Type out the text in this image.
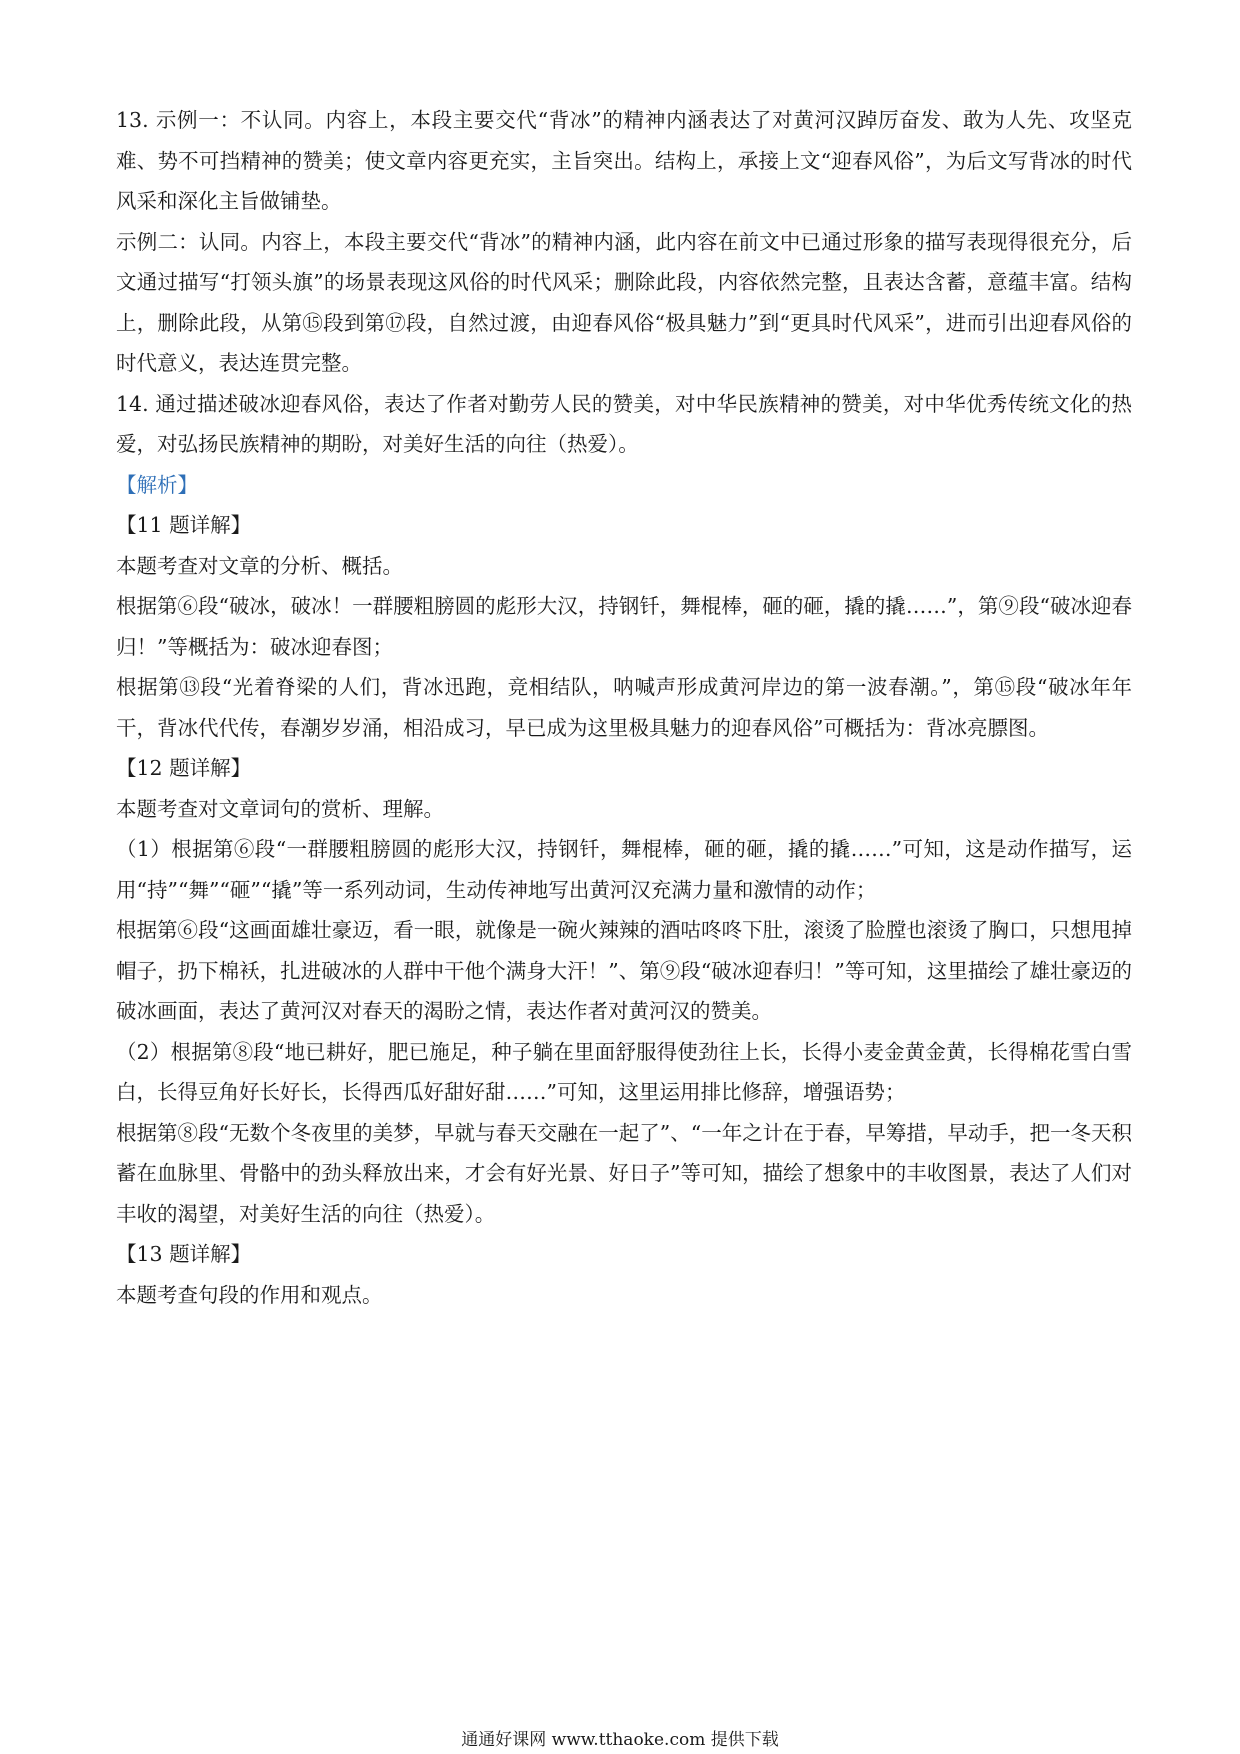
13. 示例一：不认同。内容上，本段主要交代“背冰”的精神内涵表达了对黄河汉踔厉奋发、敢为人先、攻坚克难、势不可挡精神的赞美；使文章内容更充实，主旨突出。结构上，承接上文“迎春风俗”，为后文写背冰的时代风采和深化主旨做铺垫。

示例二：认同。内容上，本段主要交代“背冰”的精神内涵，此内容在前文中已通过形象的描写表现得很充分，后文通过描写“打领头旗”的场景表现这风俗的时代风采；删除此段，内容依然完整，且表达含蓄，意蕴丰富。结构上，删除此段，从第⑮段到第⑰段，自然过渡，由迎春风俗“极具魅力”到“更具时代风采”，进而引出迎春风俗的时代意义，表达连贯完整。

14. 通过描述破冰迎春风俗，表达了作者对勤劳人民的赞美，对中华民族精神的赞美，对中华优秀传统文化的热爱，对弘扬民族精神的期盼，对美好生活的向往（热爱）。

【解析】

【11 题详解】

本题考查对文章的分析、概括。

根据第⑥段“破冰，破冰！一群腰粗膀圆的彪形大汉，持钢钎，舞棍棒，砸的砸，撬的撬……”，第⑨段“破冰迎春归！”等概括为：破冰迎春图；

根据第⑬段“光着脊梁的人们，背冰迅跑，竞相结队，呐喊声形成黄河岸边的第一波春潮。”，第⑮段“破冰年年干，背冰代代传，春潮岁岁涌，相沿成习，早已成为这里极具魅力的迎春风俗”可概括为：背冰亮膘图。

【12 题详解】

本题考查对文章词句的赏析、理解。

（1）根据第⑥段“一群腰粗膀圆的彪形大汉，持钢钎，舞棍棒，砸的砸，撬的撬……”可知，这是动作描写，运用“持”“舞”“砸”“撬”等一系列动词，生动传神地写出黄河汉充满力量和激情的动作；

根据第⑥段“这画面雄壮豪迈，看一眼，就像是一碗火辣辣的酒咕咚咚下肚，滚烫了脸膛也滚烫了胸口，只想甩掉帽子，扔下棉袄，扎进破冰的人群中干他个满身大汗！”、第⑨段“破冰迎春归！”等可知，这里描绘了雄壮豪迈的破冰画面，表达了黄河汉对春天的渴盼之情，表达作者对黄河汉的赞美。

（2）根据第⑧段“地已耕好，肥已施足，种子躺在里面舒服得使劲往上长，长得小麦金黄金黄，长得棉花雪白雪白，长得豆角好长好长，长得西瓜好甜好甜……”可知，这里运用排比修辞，增强语势；

根据第⑧段“无数个冬夜里的美梦，早就与春天交融在一起了”、“一年之计在于春，早筹措，早动手，把一冬天积蓄在血脉里、骨骼中的劲头释放出来，才会有好光景、好日子”等可知，描绘了想象中的丰收图景，表达了人们对丰收的渴望，对美好生活的向往（热爱）。

【13 题详解】

本题考查句段的作用和观点。

通通好课网 www.tthaoke.com 提供下载
